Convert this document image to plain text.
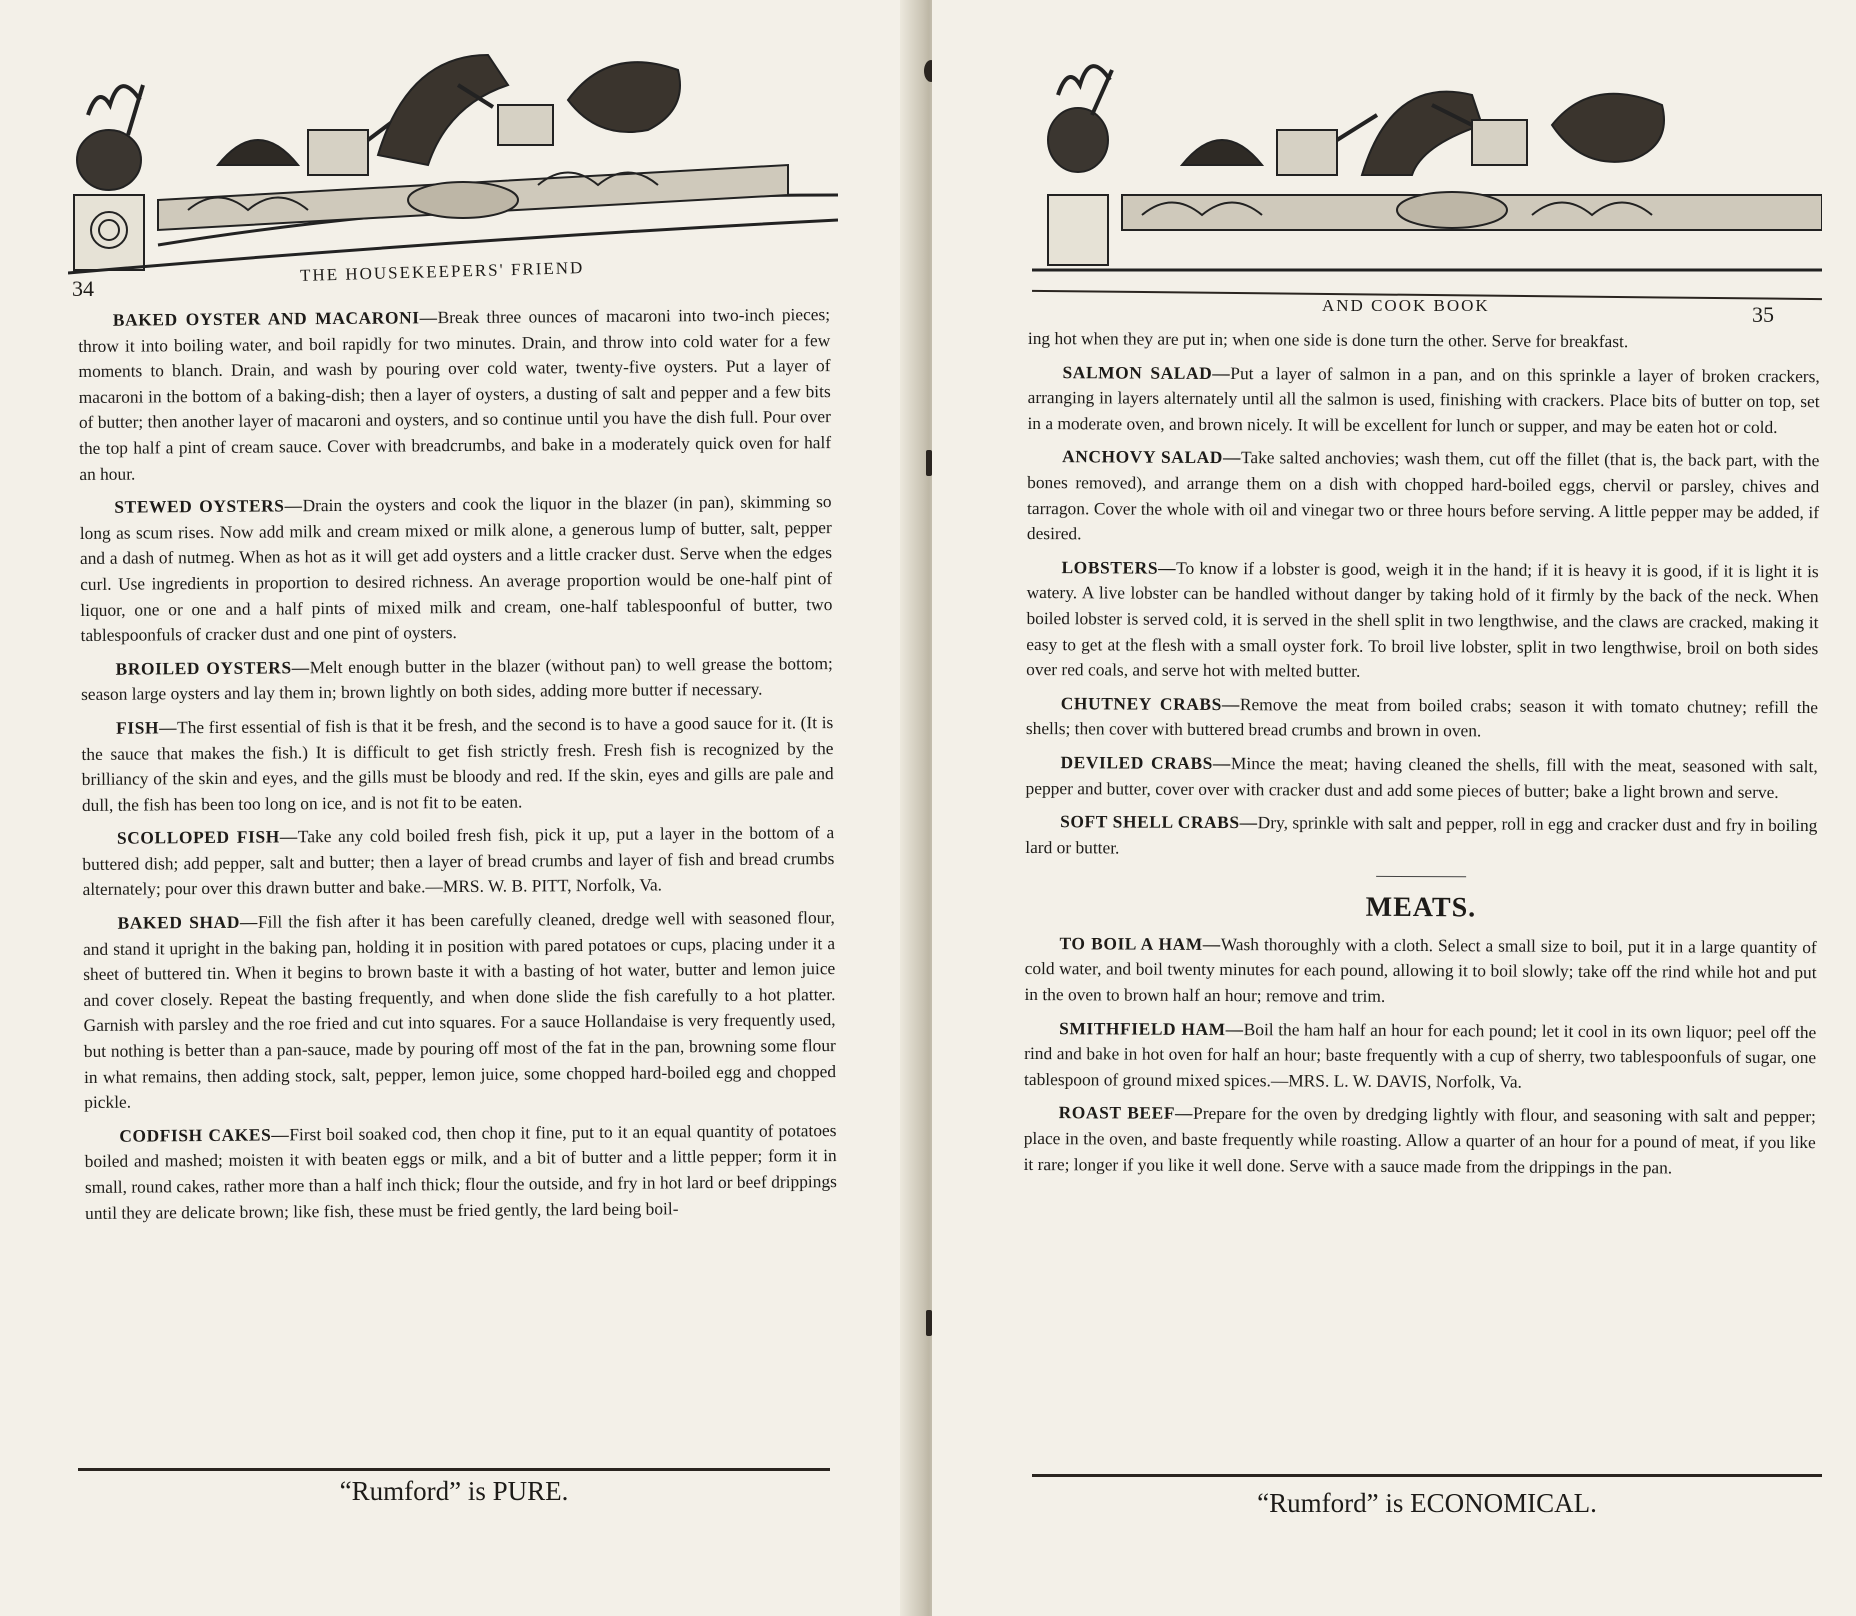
THE HOUSEKEEPERS' FRIEND
34

  BAKED OYSTER AND MACARONI—Break three ounces of macaroni into two-inch pieces; throw it into boiling water, and boil rapidly for two minutes. Drain, and throw into cold water for a few moments to blanch. Drain, and wash by pouring over cold water, twenty-five oysters. Put a layer of macaroni in the bottom of a baking-dish; then a layer of oysters, a dusting of salt and pepper and a few bits of butter; then another layer of macaroni and oysters, and so continue until you have the dish full. Pour over the top half a pint of cream sauce. Cover with breadcrumbs, and bake in a moderately quick oven for half an hour.

  STEWED OYSTERS—Drain the oysters and cook the liquor in the blazer (in pan), skimming so long as scum rises. Now add milk and cream mixed or milk alone, a generous lump of butter, salt, pepper and a dash of nutmeg. When as hot as it will get add oysters and a little cracker dust. Serve when the edges curl. Use ingredients in proportion to desired richness. An average proportion would be one-half pint of liquor, one or one and a half pints of mixed milk and cream, one-half tablespoonful of butter, two tablespoonfuls of cracker dust and one pint of oysters.

  BROILED OYSTERS—Melt enough butter in the blazer (without pan) to well grease the bottom; season large oysters and lay them in; brown lightly on both sides, adding more butter if necessary.

  FISH—The first essential of fish is that it be fresh, and the second is to have a good sauce for it. (It is the sauce that makes the fish.) It is difficult to get fish strictly fresh. Fresh fish is recognized by the brilliancy of the skin and eyes, and the gills must be bloody and red. If the skin, eyes and gills are pale and dull, the fish has been too long on ice, and is not fit to be eaten.

  SCOLLOPED FISH—Take any cold boiled fresh fish, pick it up, put a layer in the bottom of a buttered dish; add pepper, salt and butter; then a layer of bread crumbs and layer of fish and bread crumbs alternately; pour over this drawn butter and bake.—MRS. W. B. PITT, Norfolk, Va.

  BAKED SHAD—Fill the fish after it has been carefully cleaned, dredge well with seasoned flour, and stand it upright in the baking pan, holding it in position with pared potatoes or cups, placing under it a sheet of buttered tin. When it begins to brown baste it with a basting of hot water, butter and lemon juice and cover closely. Repeat the basting frequently, and when done slide the fish carefully to a hot platter. Garnish with parsley and the roe fried and cut into squares. For a sauce Hollandaise is very frequently used, but nothing is better than a pan-sauce, made by pouring off most of the fat in the pan, browning some flour in what remains, then adding stock, salt, pepper, lemon juice, some chopped hard-boiled egg and chopped pickle.

  CODFISH CAKES—First boil soaked cod, then chop it fine, put to it an equal quantity of potatoes boiled and mashed; moisten it with beaten eggs or milk, and a bit of butter and a little pepper; form it in small, round cakes, rather more than a half inch thick; flour the outside, and fry in hot lard or beef drippings until they are delicate brown; like fish, these must be fried gently, the lard being boil-

“Rumford” is PURE.
AND COOK BOOK	35

ing hot when they are put in; when one side is done turn the other. Serve for breakfast.

  SALMON SALAD—Put a layer of salmon in a pan, and on this sprinkle a layer of broken crackers, arranging in layers alternately until all the salmon is used, finishing with crackers. Place bits of butter on top, set in a moderate oven, and brown nicely. It will be excellent for lunch or supper, and may be eaten hot or cold.

  ANCHOVY SALAD—Take salted anchovies; wash them, cut off the fillet (that is, the back part, with the bones removed), and arrange them on a dish with chopped hard-boiled eggs, chervil or parsley, chives and tarragon. Cover the whole with oil and vinegar two or three hours before serving. A little pepper may be added, if desired.

  LOBSTERS—To know if a lobster is good, weigh it in the hand; if it is heavy it is good, if it is light it is watery. A live lobster can be handled without danger by taking hold of it firmly by the back of the neck. When boiled lobster is served cold, it is served in the shell split in two lengthwise, and the claws are cracked, making it easy to get at the flesh with a small oyster fork. To broil live lobster, split in two lengthwise, broil on both sides over red coals, and serve hot with melted butter.

  CHUTNEY CRABS—Remove the meat from boiled crabs; season it with tomato chutney; refill the shells; then cover with buttered bread crumbs and brown in oven.

  DEVILED CRABS—Mince the meat; having cleaned the shells, fill with the meat, seasoned with salt, pepper and butter, cover over with cracker dust and add some pieces of butter; bake a light brown and serve.

  SOFT SHELL CRABS—Dry, sprinkle with salt and pepper, roll in egg and cracker dust and fry in boiling lard or butter.

MEATS.

  TO BOIL A HAM—Wash thoroughly with a cloth. Select a small size to boil, put it in a large quantity of cold water, and boil twenty minutes for each pound, allowing it to boil slowly; take off the rind while hot and put in the oven to brown half an hour; remove and trim.

  SMITHFIELD HAM—Boil the ham half an hour for each pound; let it cool in its own liquor; peel off the rind and bake in hot oven for half an hour; baste frequently with a cup of sherry, two tablespoonfuls of sugar, one tablespoon of ground mixed spices.—MRS. L. W. DAVIS, Norfolk, Va.

  ROAST BEEF—Prepare for the oven by dredging lightly with flour, and seasoning with salt and pepper; place in the oven, and baste frequently while roasting. Allow a quarter of an hour for a pound of meat, if you like it rare; longer if you like it well done. Serve with a sauce made from the drippings in the pan.

“Rumford” is ECONOMICAL.
